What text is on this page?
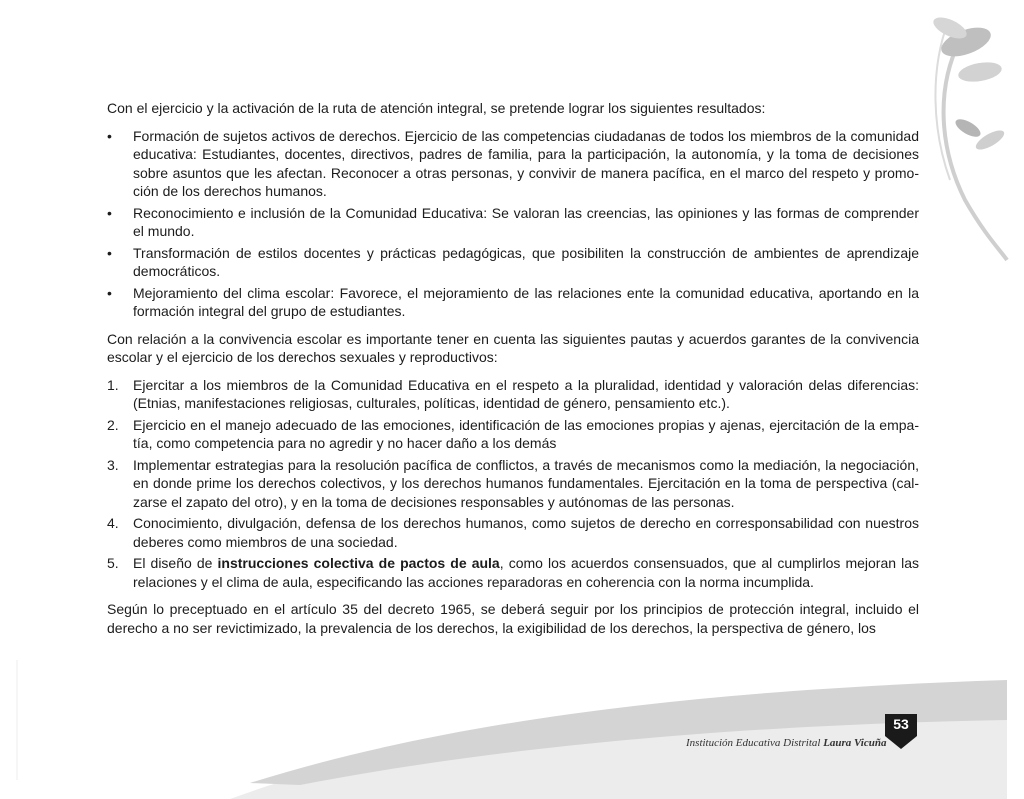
Con el ejercicio y la activación de la ruta de atención integral, se pretende lograr los siguientes resultados:

• Formación de sujetos activos de derechos. Ejercicio de las competencias ciudadanas de todos los miembros de la comunidad educativa: Estudiantes, docentes, directivos, padres de familia, para la participación, la autonomía, y la toma de decisiones sobre asuntos que les afectan. Reconocer a otras personas, y convivir de manera pacífica, en el marco del respeto y promo-ción de los derechos humanos.
• Reconocimiento e inclusión de la Comunidad Educativa: Se valoran las creencias, las opiniones y las formas de comprender el mundo.
• Transformación de estilos docentes y prácticas pedagógicas, que posibiliten la construcción de ambientes de aprendizaje democráticos.
• Mejoramiento del clima escolar: Favorece, el mejoramiento de las relaciones ente la comunidad educativa, aportando en la formación integral del grupo de estudiantes.

Con relación a la convivencia escolar es importante tener en cuenta las siguientes pautas y acuerdos garantes de la convivencia escolar y el ejercicio de los derechos sexuales y reproductivos:

1. Ejercitar a los miembros de la Comunidad Educativa en el respeto a la pluralidad, identidad y valoración delas diferencias: (Etnias, manifestaciones religiosas, culturales, políticas, identidad de género, pensamiento etc.).
2. Ejercicio en el manejo adecuado de las emociones, identificación de las emociones propias y ajenas, ejercitación de la empa-tía, como competencia para no agredir y no hacer daño a los demás
3. Implementar estrategias para la resolución pacífica de conflictos, a través de mecanismos como la mediación, la negociación, en donde prime los derechos colectivos, y los derechos humanos fundamentales. Ejercitación en la toma de perspectiva (cal-zarse el zapato del otro), y en la toma de decisiones responsables y autónomas de las personas.
4. Conocimiento, divulgación, defensa de los derechos humanos, como sujetos de derecho en corresponsabilidad con nuestros deberes como miembros de una sociedad.
5. El diseño de instrucciones colectiva de pactos de aula, como los acuerdos consensuados, que al cumplirlos mejoran las relaciones y el clima de aula, especificando las acciones reparadoras en coherencia con la norma incumplida.

Según lo preceptuado en el artículo 35 del decreto 1965, se deberá seguir por los principios de protección integral, incluido el derecho a no ser revictimizado, la prevalencia de los derechos, la exigibilidad de los derechos, la perspectiva de género, los

Institución Educativa Distrital Laura Vicuña
53
